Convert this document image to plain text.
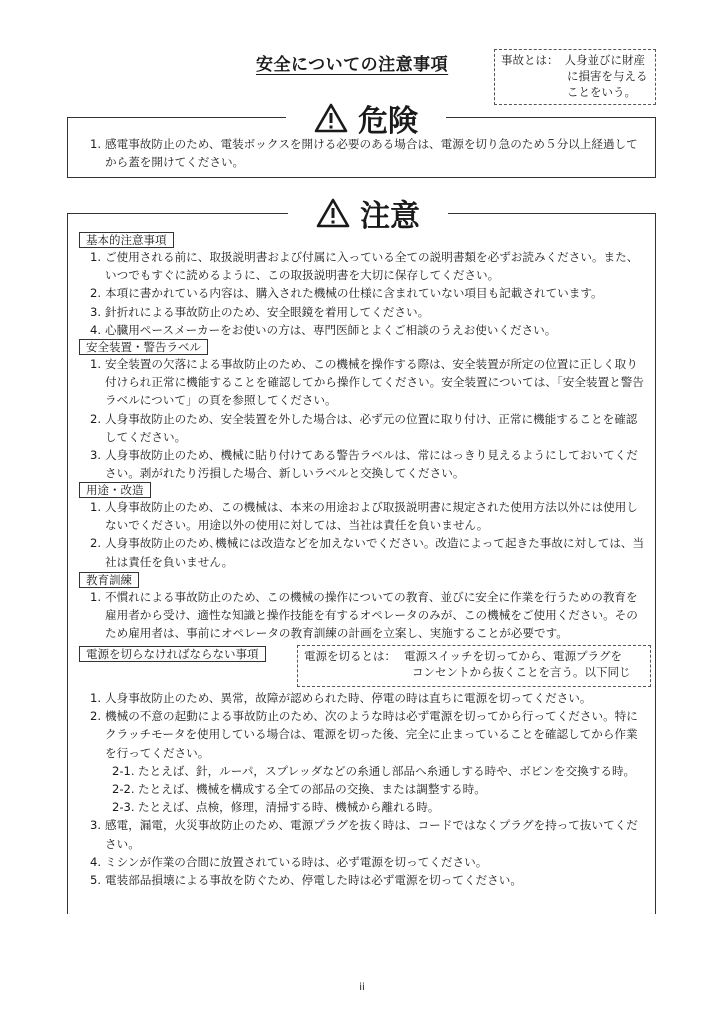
安全についての注意事項	事故とは： 人身並びに財産
に損害を与える
ことをいう。
危険
1. 感電事故防止のため、電装ボックスを開ける必要のある場合は、電源を切り急のため５分以上経過してから蓋を開けてください。
注意
基本的注意事項
1. ご使用される前に、取扱説明書および付属に入っている全ての説明書類を必ずお読みください。また、いつでもすぐに読めるように、この取扱説明書を大切に保存してください。
2. 本項に書かれている内容は、購入された機械の仕様に含まれていない項目も記載されています。
3. 針折れによる事故防止のため、安全眼鏡を着用してください。
4. 心臓用ペースメーカーをお使いの方は、専門医師とよくご相談のうえお使いください。
安全装置・警告ラベル
1. 安全装置の欠落による事故防止のため、この機械を操作する際は、安全装置が所定の位置に正しく取り付けられ正常に機能することを確認してから操作してください。安全装置については、「安全装置と警告ラベルについて」の頁を参照してください。
2. 人身事故防止のため、安全装置を外した場合は、必ず元の位置に取り付け、正常に機能することを確認してください。
3. 人身事故防止のため、機械に貼り付けてある警告ラベルは、常にはっきり見えるようにしておいてください。剥がれたり汚損した場合、新しいラベルと交換してください。
用途・改造
1. 人身事故防止のため、この機械は、本来の用途および取扱説明書に規定された使用方法以外には使用しないでください。用途以外の使用に対しては、当社は責任を負いません。
2. 人身事故防止のため､機械には改造などを加えないでください。改造によって起きた事故に対しては、当社は責任を負いません。
教育訓練
1. 不慣れによる事故防止のため、この機械の操作についての教育、並びに安全に作業を行うための教育を雇用者から受け、適性な知識と操作技能を有するオペレータのみが、この機械をご使用ください。そのため雇用者は、事前にオペレータの教育訓練の計画を立案し、実施することが必要です。
電源を切らなければならない事項	電源を切るとは： 電源スイッチを切ってから、電源プラグを
コンセントから抜くことを言う。以下同じ
1. 人身事故防止のため、異常，故障が認められた時、停電の時は直ちに電源を切ってください。
2. 機械の不意の起動による事故防止のため、次のような時は必ず電源を切ってから行ってください。特にクラッチモータを使用している場合は、電源を切った後、完全に止まっていることを確認してから作業を行ってください。
2-1. たとえば、針，ルーパ，スプレッダなどの糸通し部品へ糸通しする時や、ボビンを交換する時。
2-2. たとえば、機械を構成する全ての部品の交換、または調整する時。
2-3. たとえば、点検，修理，清掃する時、機械から離れる時。
3. 感電，漏電，火災事故防止のため、電源プラグを抜く時は、コードではなくプラグを持って抜いてください。
4. ミシンが作業の合間に放置されている時は、必ず電源を切ってください。
5. 電装部品損壊による事故を防ぐため、停電した時は必ず電源を切ってください。
ii
